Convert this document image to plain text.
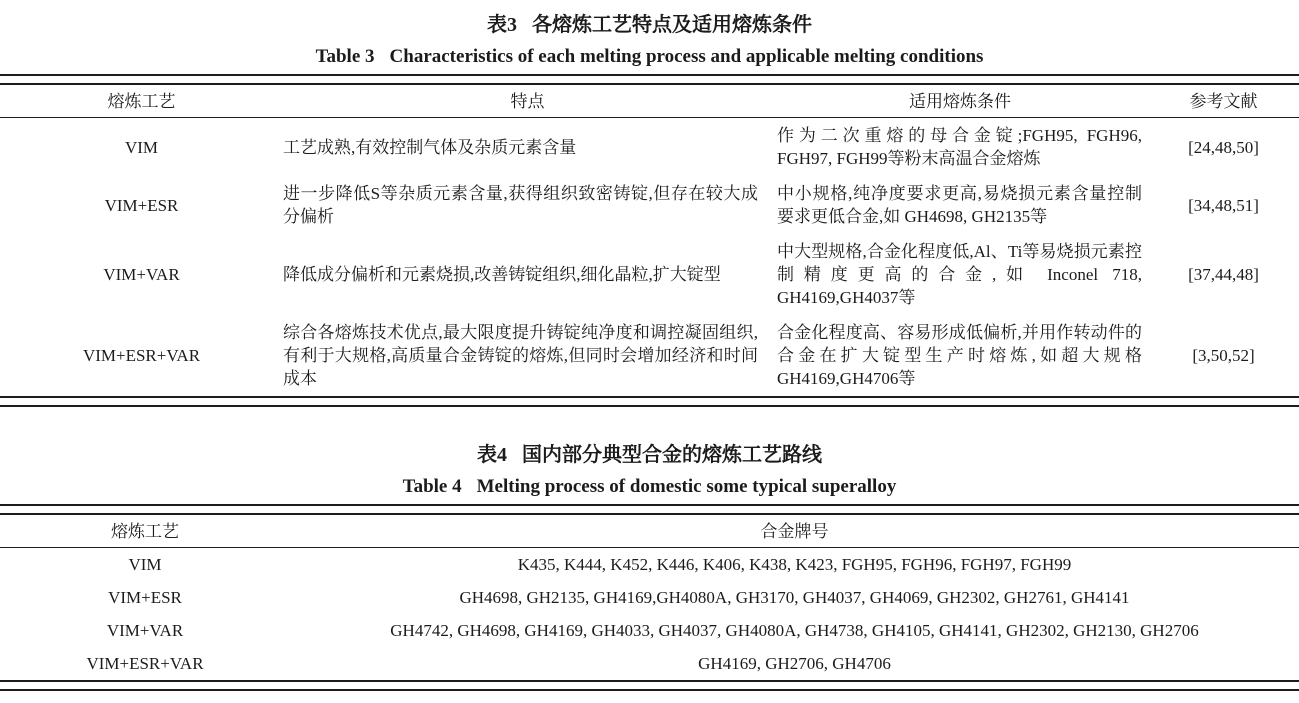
表3 各熔炼工艺特点及适用熔炼条件
Table 3 Characteristics of each melting process and applicable melting conditions
熔炼工艺	特点	适用熔炼条件	参考文献
VIM	工艺成熟,有效控制气体及杂质元素含量	作为二次重熔的母合金锭;FGH95, FGH96, FGH97, FGH99等粉末高温合金熔炼	[24,48,50]
VIM+ESR	进一步降低S等杂质元素含量,获得组织致密铸锭,但存在较大成分偏析	中小规格,纯净度要求更高,易烧损元素含量控制要求更低合金,如 GH4698, GH2135等	[34,48,51]
VIM+VAR	降低成分偏析和元素烧损,改善铸锭组织,细化晶粒,扩大锭型	中大型规格,合金化程度低,Al、Ti等易烧损元素控制精度更高的合金,如 Inconel 718, GH4169,GH4037等	[37,44,48]
VIM+ESR+VAR	综合各熔炼技术优点,最大限度提升铸锭纯净度和调控凝固组织,有利于大规格,高质量合金铸锭的熔炼,但同时会增加经济和时间成本	合金化程度高、容易形成低偏析,并用作转动件的合金在扩大锭型生产时熔炼,如超大规格 GH4169,GH4706等	[3,50,52]
表4 国内部分典型合金的熔炼工艺路线
Table 4 Melting process of domestic some typical superalloy
熔炼工艺	合金牌号
VIM	K435, K444, K452, K446, K406, K438, K423, FGH95, FGH96, FGH97, FGH99
VIM+ESR	GH4698, GH2135, GH4169,GH4080A, GH3170, GH4037, GH4069, GH2302, GH2761, GH4141
VIM+VAR	GH4742, GH4698, GH4169, GH4033, GH4037, GH4080A, GH4738, GH4105, GH4141, GH2302, GH2130, GH2706
VIM+ESR+VAR	GH4169, GH2706, GH4706
